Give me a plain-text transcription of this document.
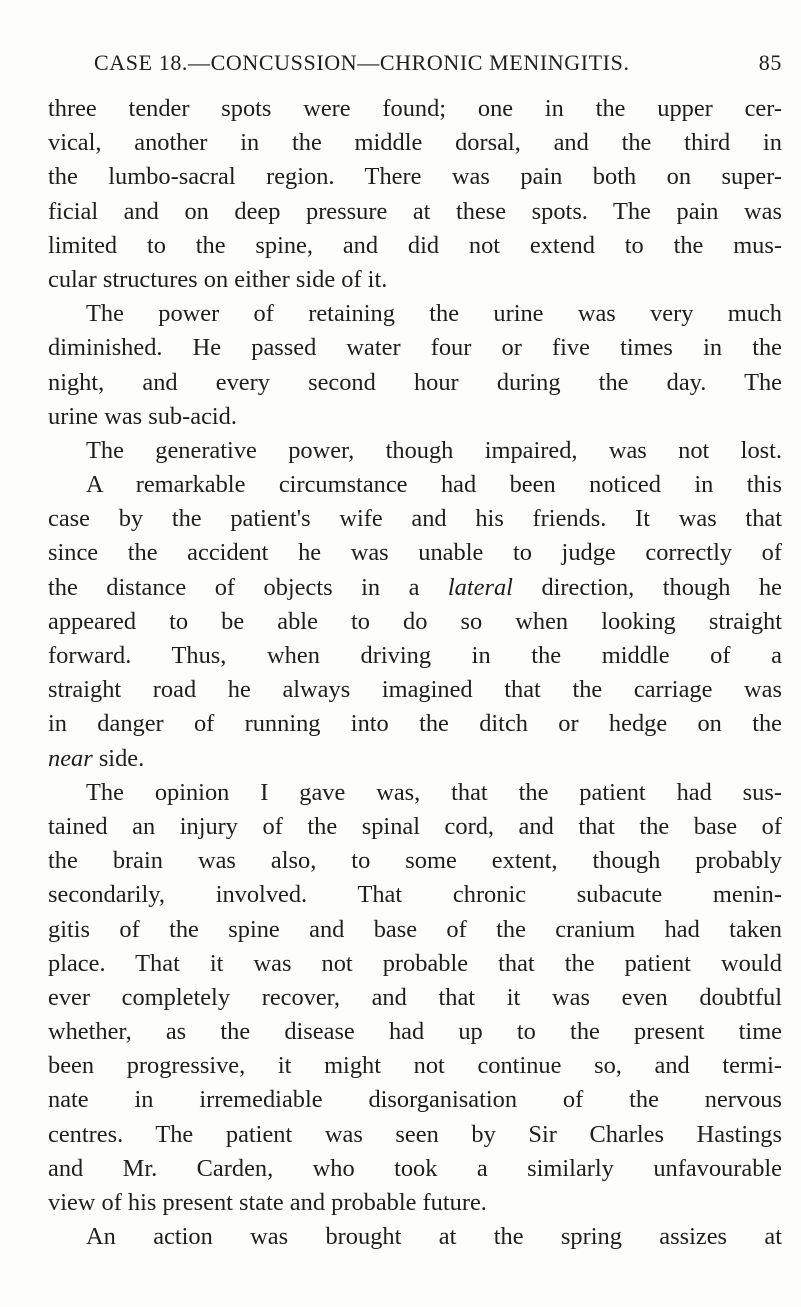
CASE 18.—CONCUSSION—CHRONIC MENINGITIS.	85
three tender spots were found; one in the upper cer-
vical, another in the middle dorsal, and the third in
the lumbo-sacral region. There was pain both on super-
ficial and on deep pressure at these spots. The pain was
limited to the spine, and did not extend to the mus-
cular structures on either side of it.
The power of retaining the urine was very much
diminished. He passed water four or five times in the
night, and every second hour during the day. The
urine was sub-acid.
The generative power, though impaired, was not lost.
A remarkable circumstance had been noticed in this
case by the patient's wife and his friends. It was that
since the accident he was unable to judge correctly of
the distance of objects in a lateral direction, though he
appeared to be able to do so when looking straight
forward. Thus, when driving in the middle of a
straight road he always imagined that the carriage was
in danger of running into the ditch or hedge on the
near side.
The opinion I gave was, that the patient had sus-
tained an injury of the spinal cord, and that the base of
the brain was also, to some extent, though probably
secondarily, involved. That chronic subacute menin-
gitis of the spine and base of the cranium had taken
place. That it was not probable that the patient would
ever completely recover, and that it was even doubtful
whether, as the disease had up to the present time
been progressive, it might not continue so, and termi-
nate in irremediable disorganisation of the nervous
centres. The patient was seen by Sir Charles Hastings
and Mr. Carden, who took a similarly unfavourable
view of his present state and probable future.
An action was brought at the spring assizes at
